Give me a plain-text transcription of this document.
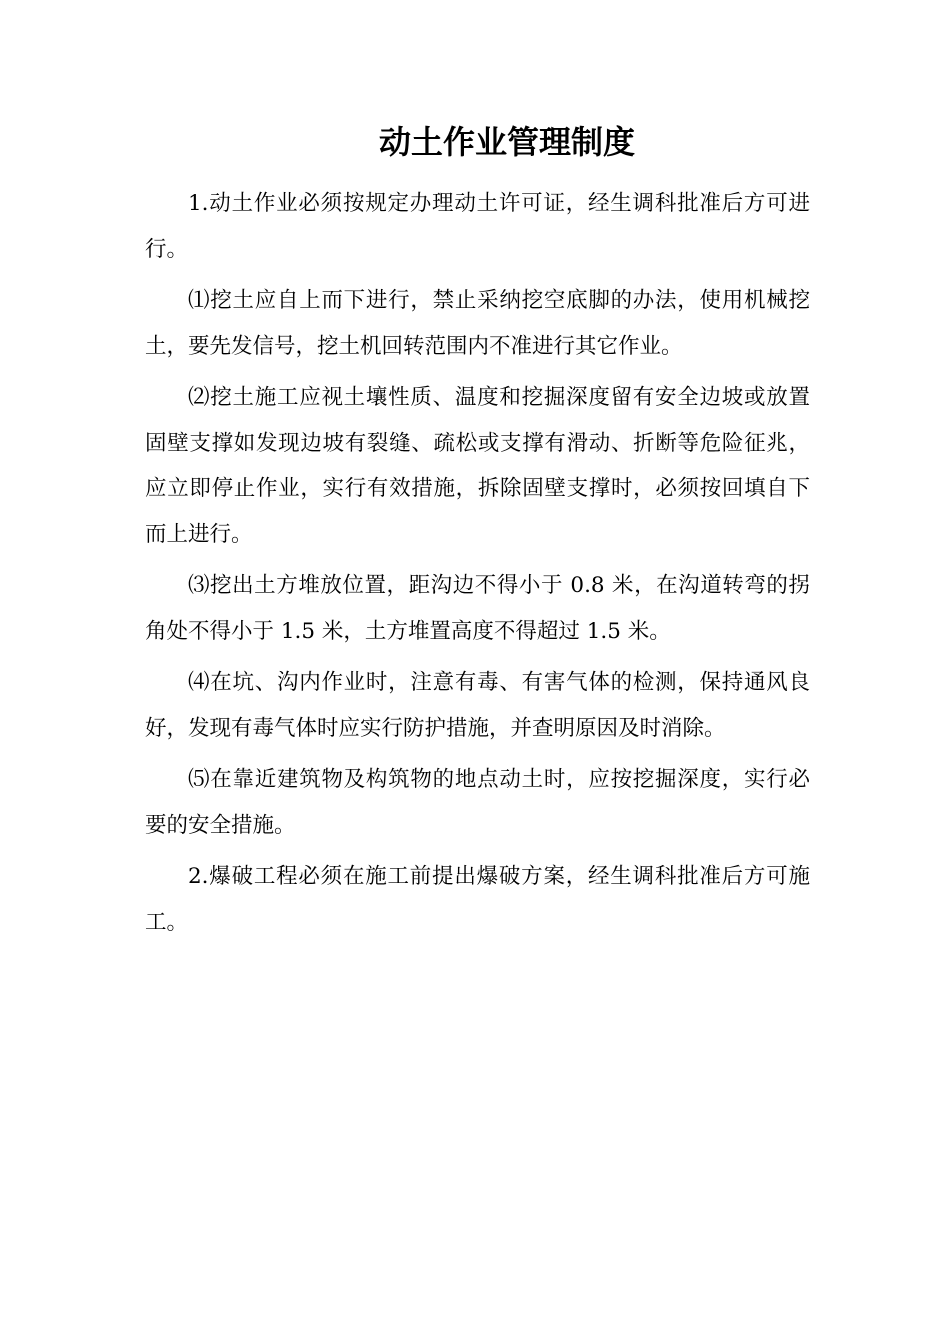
动土作业管理制度

1.动土作业必须按规定办理动土许可证，经生调科批准后方可进行。

⑴挖土应自上而下进行，禁止采纳挖空底脚的办法，使用机械挖土，要先发信号，挖土机回转范围内不准进行其它作业。

⑵挖土施工应视土壤性质、温度和挖掘深度留有安全边坡或放置固壁支撑如发现边坡有裂缝、疏松或支撑有滑动、折断等危险征兆，应立即停止作业，实行有效措施，拆除固壁支撑时，必须按回填自下而上进行。

⑶挖出土方堆放位置，距沟边不得小于 0.8 米，在沟道转弯的拐角处不得小于 1.5 米，土方堆置高度不得超过 1.5 米。

⑷在坑、沟内作业时，注意有毒、有害气体的检测，保持通风良好，发现有毒气体时应实行防护措施，并查明原因及时消除。

⑸在靠近建筑物及构筑物的地点动土时，应按挖掘深度，实行必要的安全措施。

2.爆破工程必须在施工前提出爆破方案，经生调科批准后方可施工。
